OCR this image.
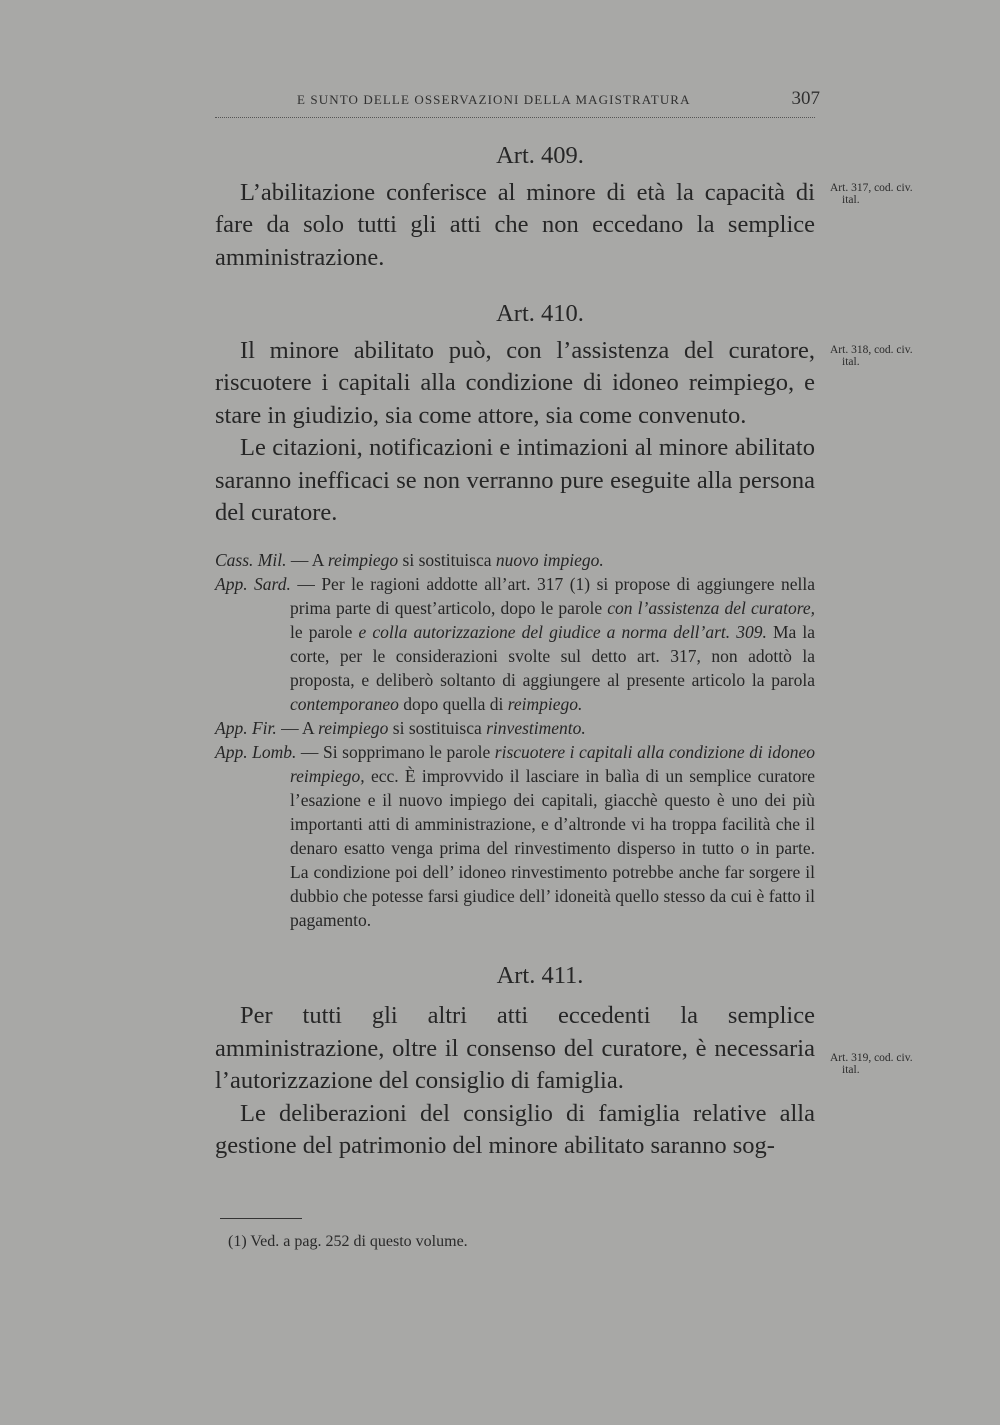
E SUNTO DELLE OSSERVAZIONI DELLA MAGISTRATURA	307
Art. 409.

L’abilitazione conferisce al minore di età la capacità di fare da solo tutti gli atti che non eccedano la semplice amministrazione.

Art. 410.

Il minore abilitato può, con l’assistenza del curatore, riscuotere i capitali alla condizione di idoneo reimpiego, e stare in giudizio, sia come attore, sia come convenuto.

Le citazioni, notificazioni e intimazioni al minore abilitato saranno inefficaci se non verranno pure eseguite alla persona del curatore.

Cass. Mil. — A reimpiego si sostituisca nuovo impiego.

App. Sard. — Per le ragioni addotte all’art. 317 (1) si propose di aggiungere nella prima parte di quest’articolo, dopo le parole con l’assistenza del curatore, le parole e colla autorizzazione del giudice a norma dell’art. 309. Ma la corte, per le considerazioni svolte sul detto art. 317, non adottò la proposta, e deliberò soltanto di aggiungere al presente articolo la parola contemporaneo dopo quella di reimpiego.

App. Fir. — A reimpiego si sostituisca rinvestimento.

App. Lomb. — Si sopprimano le parole riscuotere i capitali alla condizione di idoneo reimpiego, ecc. È improvvido il lasciare in balìa di un semplice curatore l’esazione e il nuovo impiego dei capitali, giacchè questo è uno dei più importanti atti di amministrazione, e d’altronde vi ha troppa facilità che il denaro esatto venga prima del rinvestimento disperso in tutto o in parte. La condizione poi dell’ idoneo rinvestimento potrebbe anche far sorgere il dubbio che potesse farsi giudice dell’ idoneità quello stesso da cui è fatto il pagamento.

Art. 411.

Per tutti gli altri atti eccedenti la semplice amministrazione, oltre il consenso del curatore, è necessaria l’autorizzazione del consiglio di famiglia.

Le deliberazioni del consiglio di famiglia relative alla gestione del patrimonio del minore abilitato saranno sog-

Art. 317, cod. civ.
ital.
Art. 318, cod. civ.
ital.
Art. 319, cod. civ.
ital.
(1) Ved. a pag. 252 di questo volume.
